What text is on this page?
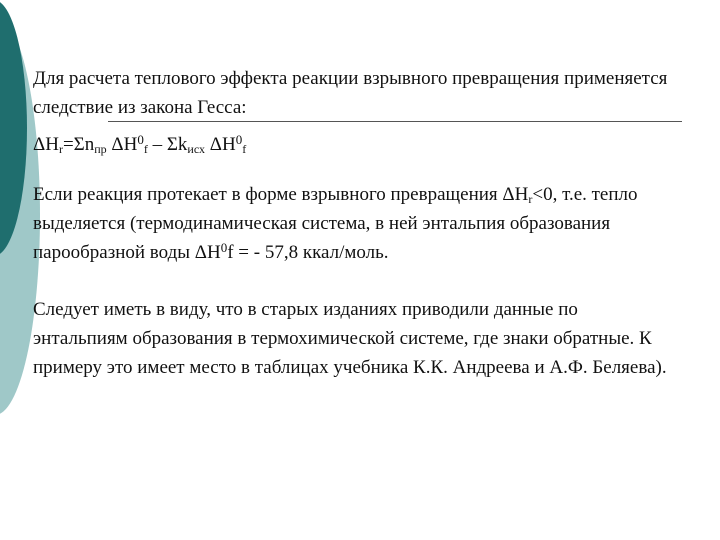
Для расчета теплового эффекта реакции взрывного превращения применяется следствие из закона Гесса:

$\Delta H_r=\Sigma n_{пр}$ $\Delta H^0_f - \Sigma k_{исх}$ $\Delta H^0_f$

Если реакция протекает в форме взрывного превращения $\Delta H_r<0$, т.е. тепло выделяется (термодинамическая система, в ней энтальпия образования парообразной воды $\Delta H^0f$ = - 57,8 ккал/моль.

Следует иметь в виду, что в старых изданиях приводили данные по энтальпиям образования в термохимической системе, где знаки обратные. К примеру это имеет место в таблицах учебника К.К. Андреева и А.Ф. Беляева).
